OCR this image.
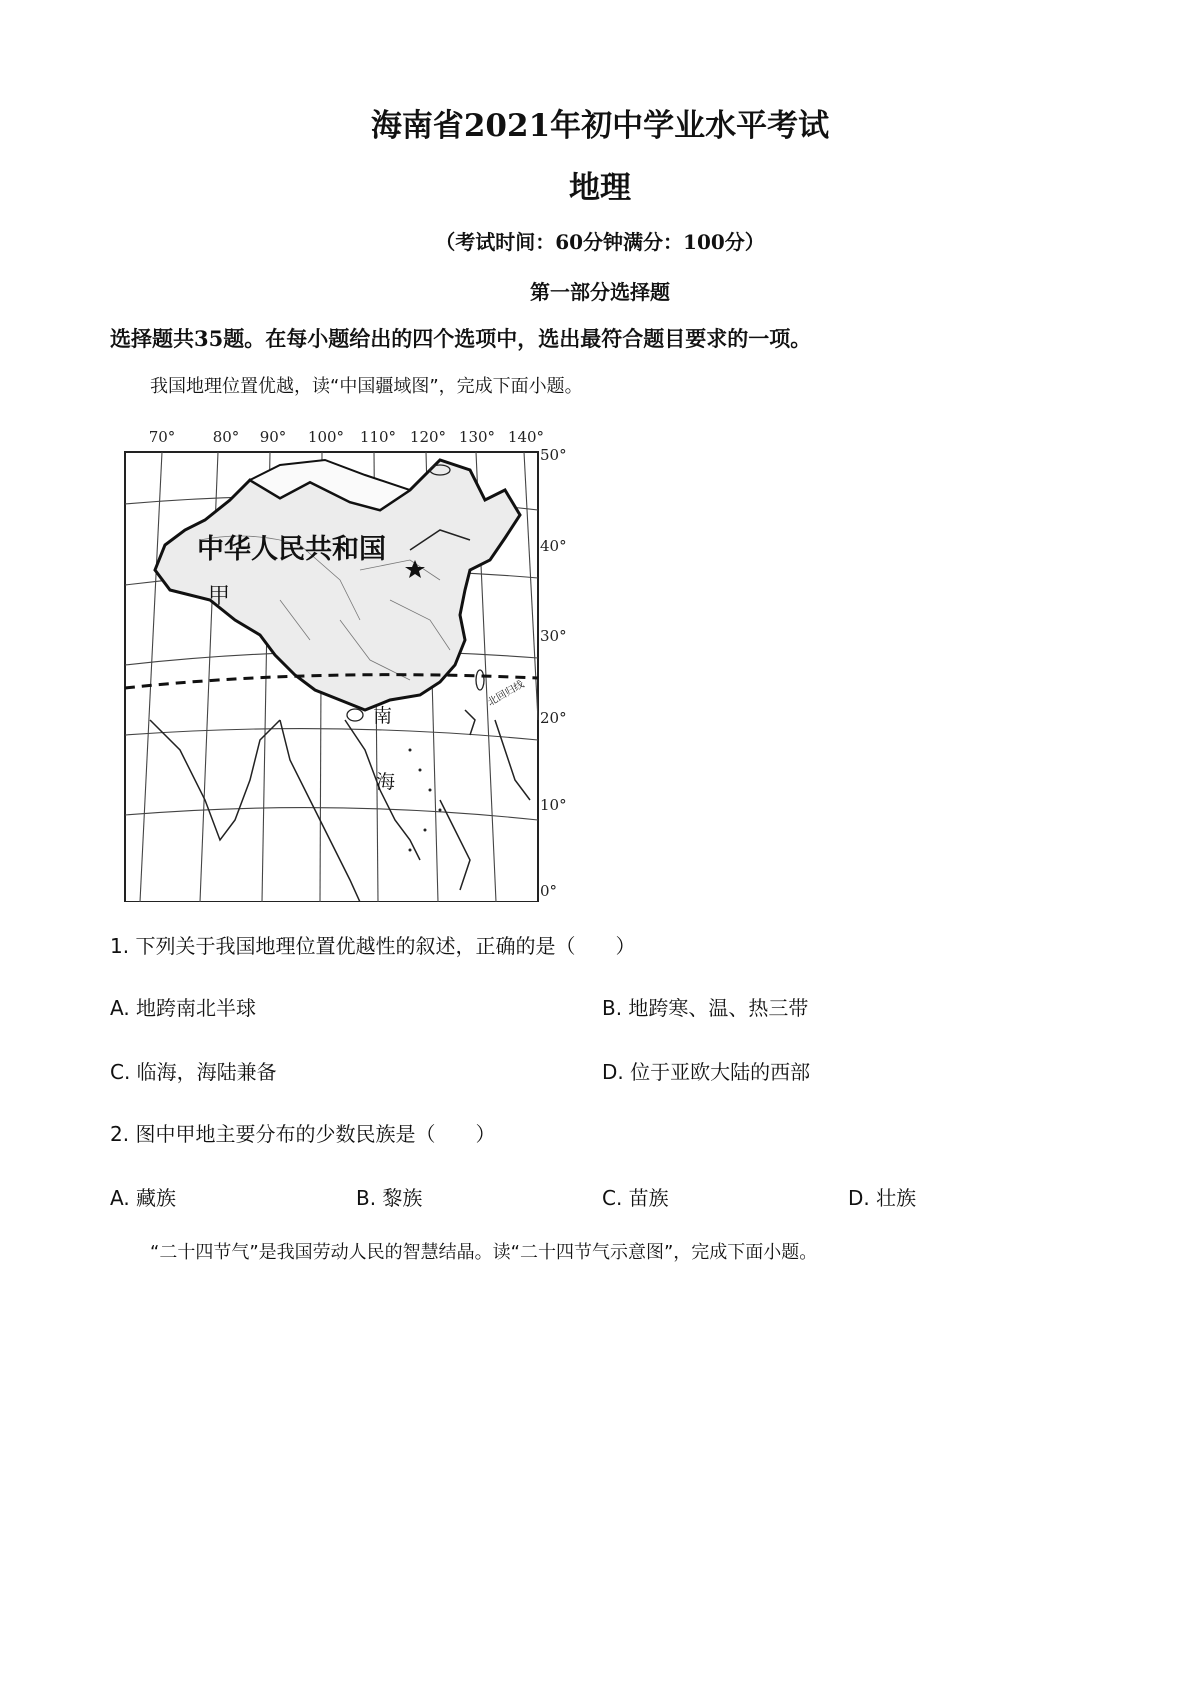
海南省2021年初中学业水平考试
地理
（考试时间：60分钟满分：100分）
第一部分选择题
选择题共35题。在每小题给出的四个选项中，选出最符合题目要求的一项。
我国地理位置优越，读“中国疆域图”，完成下面小题。
70° 80° 90° 100° 110° 120° 130° 140°
50°
40°
30°
20°
10°
0°
北回归线
中华人民共和国
甲
南
海
1. 下列关于我国地理位置优越性的叙述，正确的是（　　）
A. 地跨南北半球	B. 地跨寒、温、热三带
C. 临海，海陆兼备	D. 位于亚欧大陆的西部
2. 图中甲地主要分布的少数民族是（　　）
A. 藏族	B. 黎族	C. 苗族	D. 壮族
“二十四节气”是我国劳动人民的智慧结晶。读“二十四节气示意图”，完成下面小题。
